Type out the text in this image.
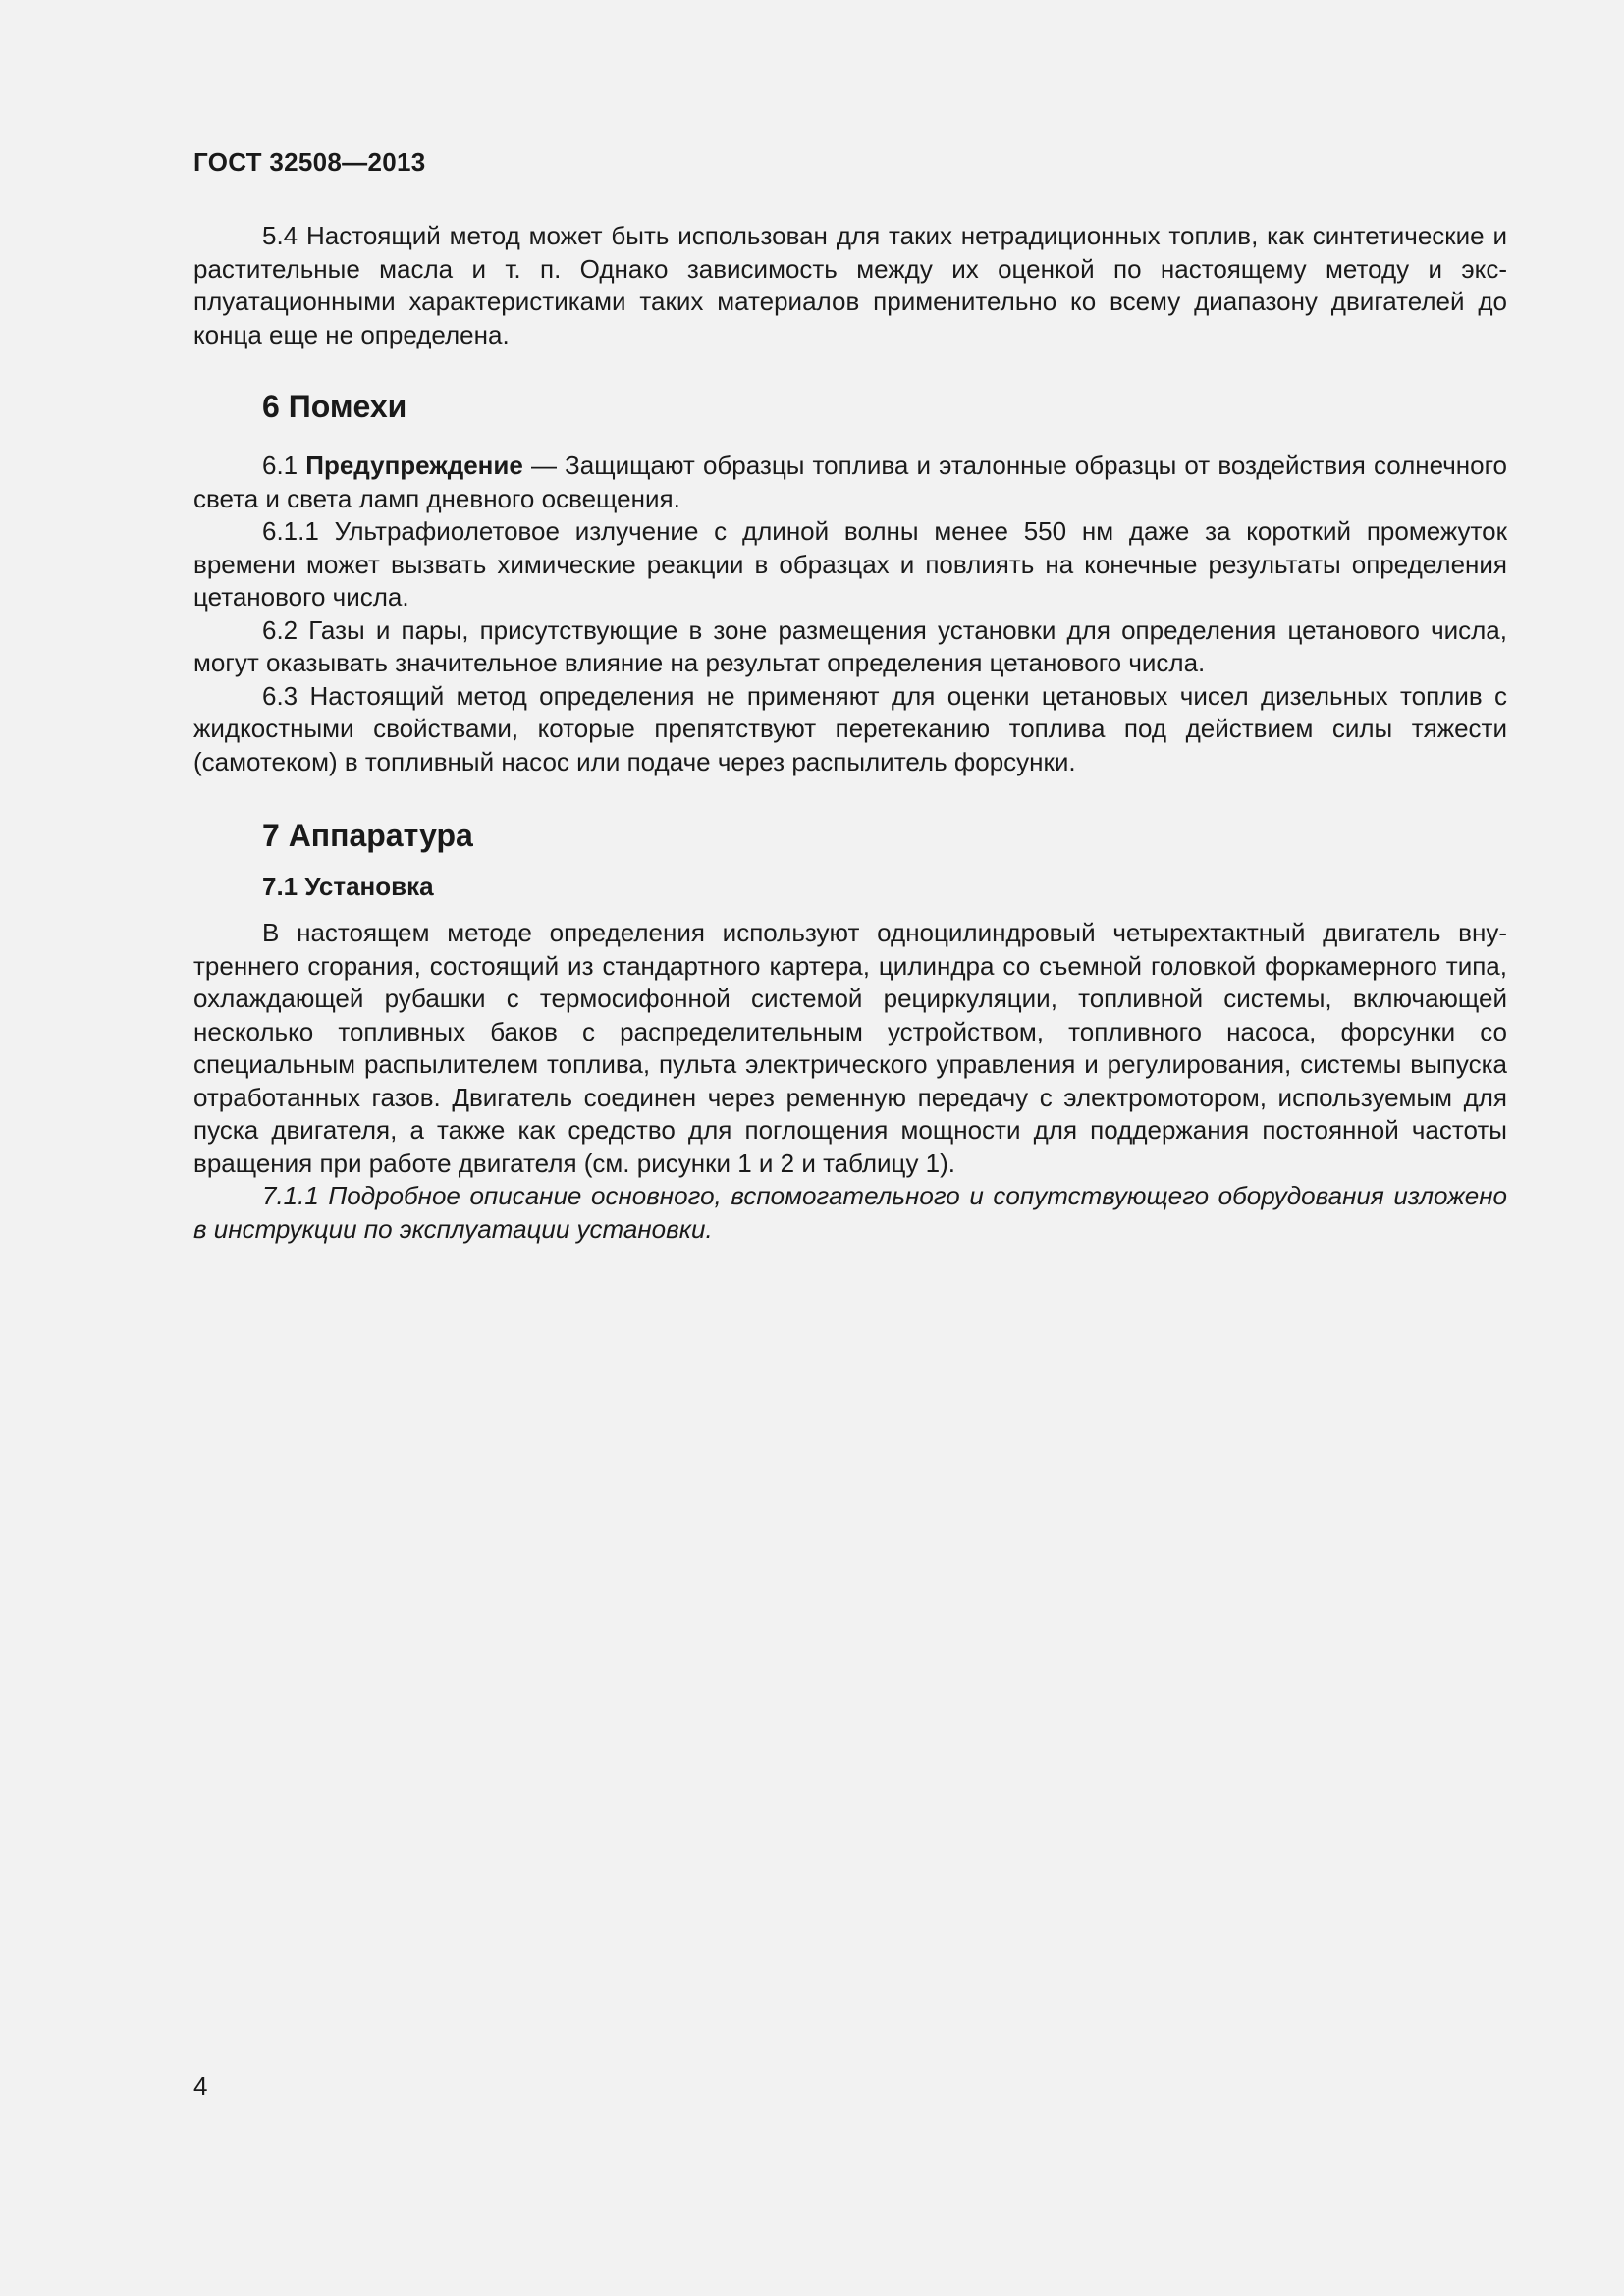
ГОСТ 32508—2013

5.4 Настоящий метод может быть использован для таких нетрадиционных топлив, как синтетические и растительные масла и т. п. Однако зависимость между их оценкой по настоящему методу и эксплуатационными характеристиками таких материалов применительно ко всему диапазону двигателей до конца еще не определена.

6 Помехи

6.1 Предупреждение — Защищают образцы топлива и эталонные образцы от воздействия солнечного света и света ламп дневного освещения.

6.1.1 Ультрафиолетовое излучение с длиной волны менее 550 нм даже за короткий промежуток времени может вызвать химические реакции в образцах и повлиять на конечные результаты определения цетанового числа.

6.2 Газы и пары, присутствующие в зоне размещения установки для определения цетанового числа, могут оказывать значительное влияние на результат определения цетанового числа.

6.3 Настоящий метод определения не применяют для оценки цетановых чисел дизельных топлив с жидкостными свойствами, которые препятствуют перетеканию топлива под действием силы тяжести (самотеком) в топливный насос или подаче через распылитель форсунки.

7 Аппаратура
7.1 Установка

В настоящем методе определения используют одноцилиндровый четырехтактный двигатель внутреннего сгорания, состоящий из стандартного картера, цилиндра со съемной головкой форкамерного типа, охлаждающей рубашки с термосифонной системой рециркуляции, топливной системы, включающей несколько топливных баков с распределительным устройством, топливного насоса, форсунки со специальным распылителем топлива, пульта электрического управления и регулирования, системы выпуска отработанных газов. Двигатель соединен через ременную передачу с электромотором, используемым для пуска двигателя, а также как средство для поглощения мощности для поддержания постоянной частоты вращения при работе двигателя (см. рисунки 1 и 2 и таблицу 1).

7.1.1 Подробное описание основного, вспомогательного и сопутствующего оборудования изложено в инструкции по эксплуатации установки.

4
